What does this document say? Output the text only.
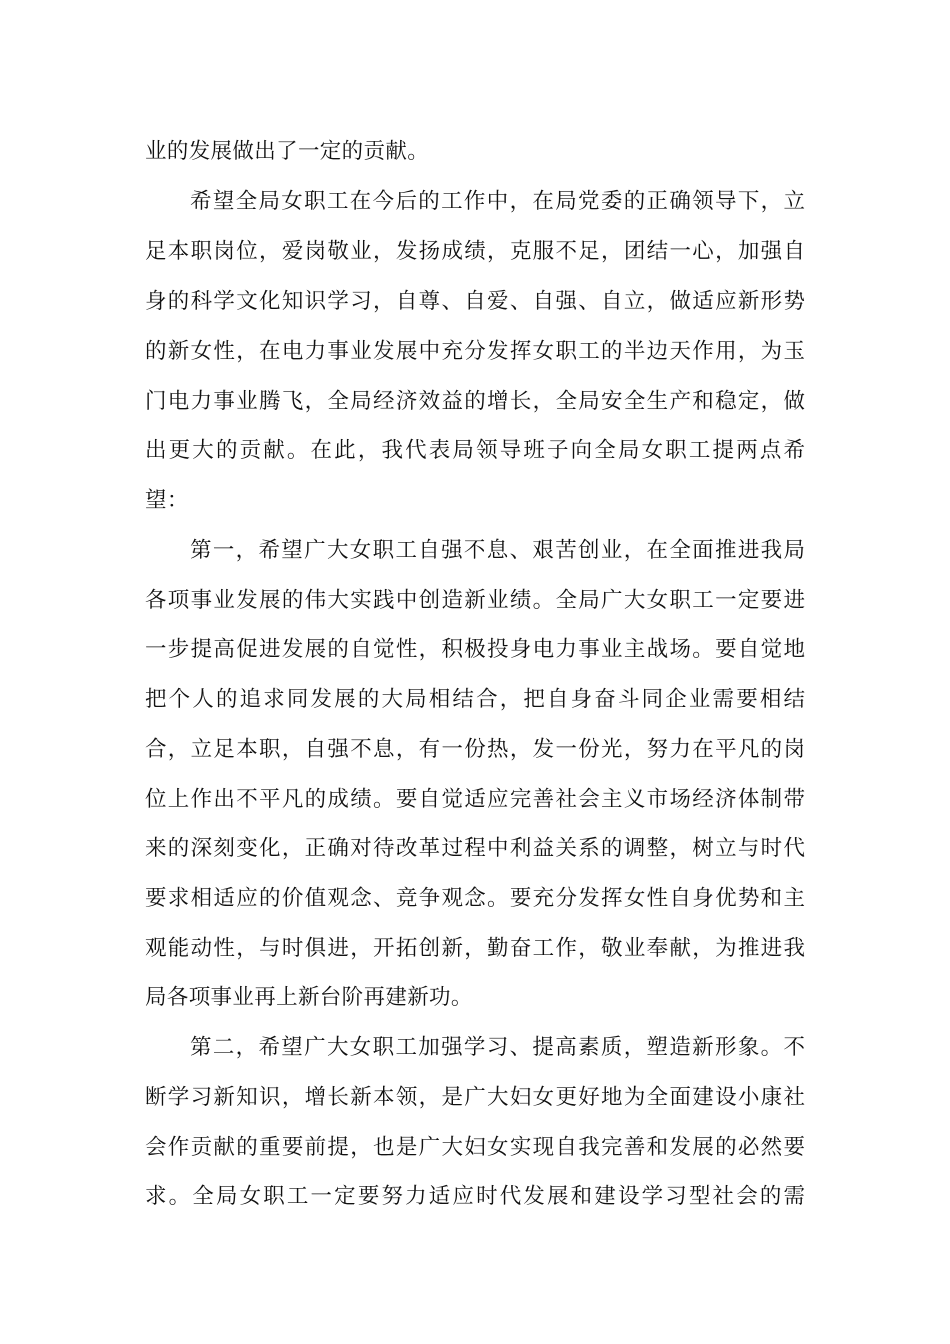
业的发展做出了一定的贡献。
希望全局女职工在今后的工作中，在局党委的正确领导下，立
足本职岗位，爱岗敬业，发扬成绩，克服不足，团结一心，加强自
身的科学文化知识学习，自尊、自爱、自强、自立，做适应新形势
的新女性，在电力事业发展中充分发挥女职工的半边天作用，为玉
门电力事业腾飞，全局经济效益的增长，全局安全生产和稳定，做
出更大的贡献。在此，我代表局领导班子向全局女职工提两点希
望：
第一，希望广大女职工自强不息、艰苦创业，在全面推进我局
各项事业发展的伟大实践中创造新业绩。全局广大女职工一定要进
一步提高促进发展的自觉性，积极投身电力事业主战场。要自觉地
把个人的追求同发展的大局相结合，把自身奋斗同企业需要相结
合，立足本职，自强不息，有一份热，发一份光，努力在平凡的岗
位上作出不平凡的成绩。要自觉适应完善社会主义市场经济体制带
来的深刻变化，正确对待改革过程中利益关系的调整，树立与时代
要求相适应的价值观念、竞争观念。要充分发挥女性自身优势和主
观能动性，与时俱进，开拓创新，勤奋工作，敬业奉献，为推进我
局各项事业再上新台阶再建新功。
第二，希望广大女职工加强学习、提高素质，塑造新形象。不
断学习新知识，增长新本领，是广大妇女更好地为全面建设小康社
会作贡献的重要前提，也是广大妇女实现自我完善和发展的必然要
求。全局女职工一定要努力适应时代发展和建设学习型社会的需
